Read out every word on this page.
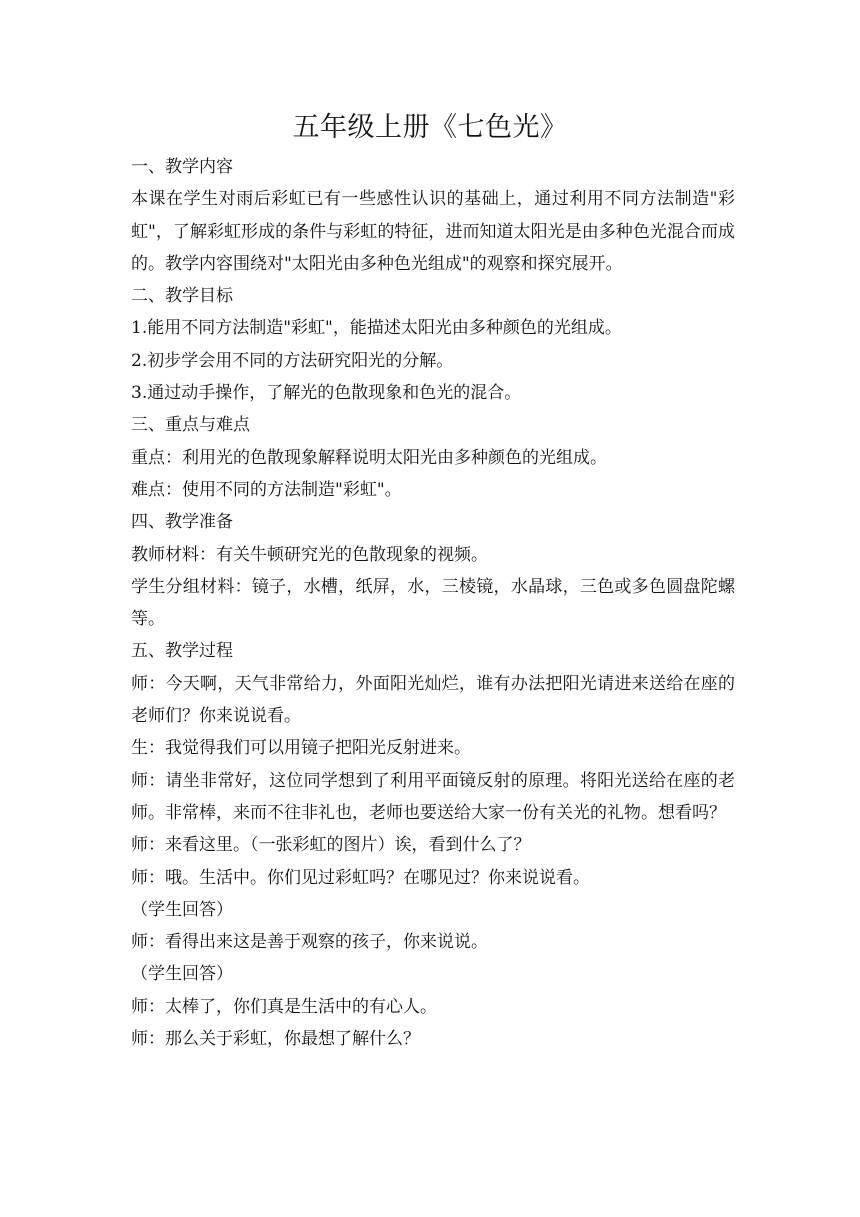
五年级上册《七色光》

一、教学内容

本课在学生对雨后彩虹已有一些感性认识的基础上，通过利用不同方法制造"彩虹"，了解彩虹形成的条件与彩虹的特征，进而知道太阳光是由多种色光混合而成的。教学内容围绕对"太阳光由多种色光组成"的观察和探究展开。

二、教学目标

1.能用不同方法制造"彩虹"，能描述太阳光由多种颜色的光组成。

2.初步学会用不同的方法研究阳光的分解。

3.通过动手操作，了解光的色散现象和色光的混合。

三、重点与难点

重点：利用光的色散现象解释说明太阳光由多种颜色的光组成。

难点：使用不同的方法制造"彩虹"。

四、教学准备

教师材料：有关牛顿研究光的色散现象的视频。

学生分组材料：镜子，水槽，纸屏，水，三棱镜，水晶球，三色或多色圆盘陀螺等。

五、教学过程

师：今天啊，天气非常给力，外面阳光灿烂，谁有办法把阳光请进来送给在座的老师们？你来说说看。

生：我觉得我们可以用镜子把阳光反射进来。

师：请坐非常好，这位同学想到了利用平面镜反射的原理。将阳光送给在座的老师。非常棒，来而不往非礼也，老师也要送给大家一份有关光的礼物。想看吗？

师：来看这里。（一张彩虹的图片）诶，看到什么了？

师：哦。生活中。你们见过彩虹吗？在哪见过？你来说说看。

（学生回答）

师：看得出来这是善于观察的孩子，你来说说。

（学生回答）

师：太棒了，你们真是生活中的有心人。

师：那么关于彩虹，你最想了解什么？
